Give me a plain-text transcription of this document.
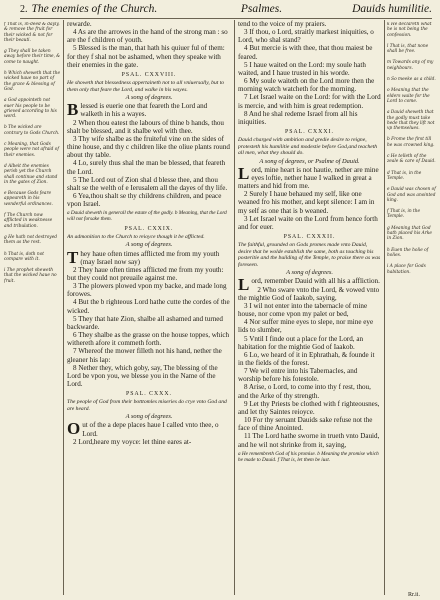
2. The enemies of the Church.	Psalmes.	Dauids humilitie.
f That is, in-deed & dayly, & remove the fruit for their wicked & not for their beauti.
g They shall be taken away before their time, & come to naught.
h Which sheweth that the wicked haue no part of the grace & blessing of God.
a God appointeth not euer his people to be grieved according to his word.
b The wicked are contrary to Gods Church.
c Meaning, that Gods people were not afraid of their enemies.
d Albeit the enemies perish yet the Church shall continue and stand in the gates of Zion.
e Because Gods feare appeareth in his wonderful ordinances.
f The Church now afflicted in weaknesse and tribulation.
g He hath not destroyed them as the rest.
h That is, doth not compare with it.
i The prophet sheweth that the wicked haue no fruit.

rewarde.

4 As are the arrowes in the hand of the strong man : so are the f children of youth.

5 Blessed is the man, that hath his quiuer ful of them: for they f shal not be ashamed, when they speake with their enemies in the gate.

PSAL. CXXVIII.

He showeth that blessedness appertaineth not to all vniuersally, but to them only that feare the Lord, and walke in his wayes.

A song of degrees.

Blessed is euerie one that feareth the Lord and walketh in his a wayes.

2 When thou eatest the labours of thine b hands, thou shalt be blessed, and it shalbe wel with thee.

3 Thy wife shalbe as the fruiteful vine on the sides of thine house, and thy c children like the oliue plants round about thy table.

4 Lo, surely thus shal the man be blessed, that feareth the Lord.

5 The Lord out of Zion shal d blesse thee, and thou shalt se the welth of e Ierusalem all the dayes of thy life.

6 Yea,thou shalt se thy childrens children, and peace vpon Israel.

a Dauid sheweth in generall the estate of the godly. b Meaning, that the Lord will not forsake them.

PSAL. CXXIX.

An admonition to the Church to reioyce though it be afflicted.

A song of degrees.

They haue often times afflicted me from my youth (may Israel now say)

2 They haue often times afflicted me from my youth: but they could not preuaile against me.

3 The plowers plowed vpon my backe, and made long forowes.

4 But the b righteous Lord hathe cutte the cordes of the wicked.

5 They that hate Zion, shalbe all ashamed and turned backwarde.

6 They shalbe as the grasse on the house toppes, which withereth afore it commeth forth.

7 Whereof the mower filleth not his hand, nether the gleaner his lap:

8 Nether they, which goby, say, The blessing of the Lord be vpon you, we blesse you in the Name of the Lord.

PSAL. CXXX.

The people of God from their botttomles miseries do crye vnto God and are heard.

A song of degrees.

Out of the a depe places haue I called vnto thee, o Lord.

2 Lord,heare my voyce: let thine eares at-

tend to the voice of my praiers.

3 If thou, o Lord, straitly markest iniquities, o Lord, who shal stand?

4 But mercie is with thee, that thou maiest be feared.

5 I haue waited on the Lord: my soule hath waited, and I haue trusted in his worde.

6 My soule waiteth on the Lord more then the morning watch watcheth for the morning.

7 Let Israel waite on the Lord: for with the Lord is mercie, and with him is great redemption.

8 And he shal redeme Israel from all his iniquities.

PSAL. CXXXI.

Dauid charged with ambition and gredie desire to reigne, protesteth his humilitie and modestie before God,and teacheth all men, what they should do.

A song of degrees, or Psalme of Dauid.

Lord, mine heart is not hautie, nether are mine eyes loftie, nether haue I walked in great a matters and hid from me.

2 Surely I haue behaued my self, like one weaned fro his mother, and kept silence: I am in my self as one that is b weaned.

3 Let Israel waite on the Lord from hence forth and for euer.

PSAL. CXXXII.

The faithful, grounded on Gods promes made vnto Dauid, desire that he wolde establish the same, both as touching his posteritie and the building of the Temple, to praise there as was foreseen.

A song of degrees.

Lord, remember Dauid with all his a affliction.

2 Who sware vnto the Lord, & vowed vnto the mightie God of Iaakob, saying,

3 I wil not enter into the tabernacle of mine house, nor come vpon my palet or bed,

4 Nor suffer mine eyes to slepe, nor mine eye lids to slumber,

5 Vntil I finde out a place for the Lord, an habitation for the mightie God of Iaakob.

6 Lo, we heard of it in Ephrathah, & founde it in the fields of the forest.

7 We wil entre into his Tabernacles, and worship before his fotestole.

8 Arise, o Lord, to come into thy f rest, thou, and the Arke of thy strength.

9 Let thy Priests be clothed with f righteousnes, and let thy Saintes reioyce.

10 For thy seruant Dauids sake refuse not the face of thine Anointed.

11 The Lord hathe sworne in trueth vnto Dauid, and he wil not shrinke from it, saying,

a He remembreth God of his promise. b Meaning the promise which he made to Dauid. f That is, let them be iust.

k He declareth what he is not being the confession.
l That is, that none shall be free.
m Towards any of my neighbours.
n So meeke as a child.
o Meaning that the elders waite for the Lord to come.
a Dauid sheweth that the godly must take hede that they lift not vp themselues.
b Frome the first till he was crowned king.
c He telleth of the zeale & care of Dauid.
d That is, in the Temple.
e Dauid was chosen of God and was anointed king.
f That is, in the Temple.
g Meaning that God hath placed his Arke in Zion.
h Euen the holie of holies.
i A place for Gods habitation.
Rr.ii.
